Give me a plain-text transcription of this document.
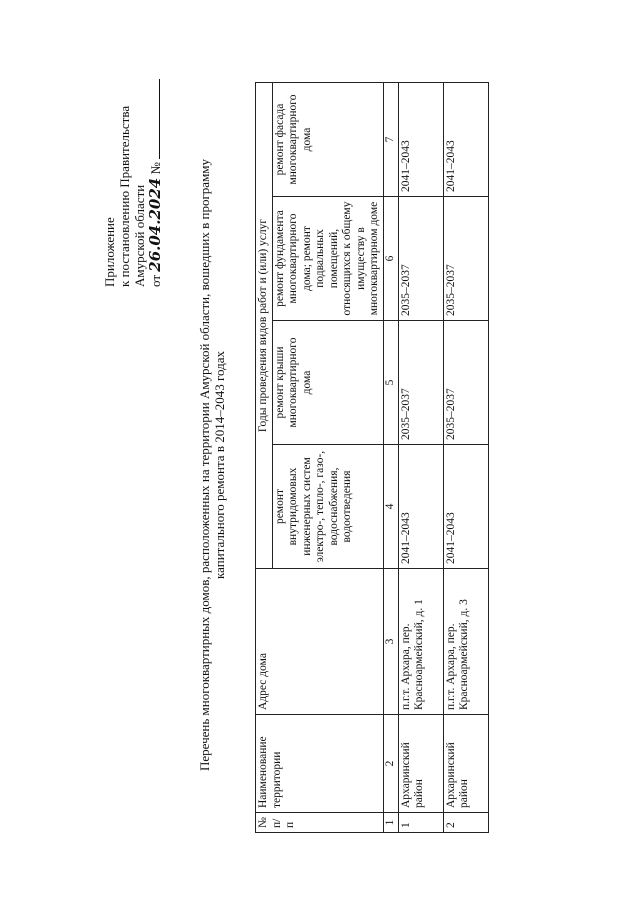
Приложение к постановлению Правительства Амурской области от 26.04.2024 №	Перечень многоквартирных домов, расположенных на территории Амурской области, вошедших в программу капитального ремонта в 2014–2043 годах
№ п/п	Наименование территории	Адрес дома	Годы проведения видов работ и (или) услуг			
			ремонт внутридомовых инженерных систем электро-, тепло-, газо-, водоснабжения, водоотведения	ремонт крыши многоквартирного дома	ремонт фундамента многоквартирного дома; ремонт подвальных помещений, относящихся к общему имуществу в многоквартирном доме	ремонт фасада многоквартирного дома
1	2	3	4	5	6	7
1	Архаринский район	п.г.т. Архара, пер. Красноармейский, д. 1	2041–2043	2035–2037	2035–2037	2041–2043
2	Архаринский район	п.г.т. Архара, пер. Красноармейский, д. 3	2041–2043	2035–2037	2035–2037	2041–2043
